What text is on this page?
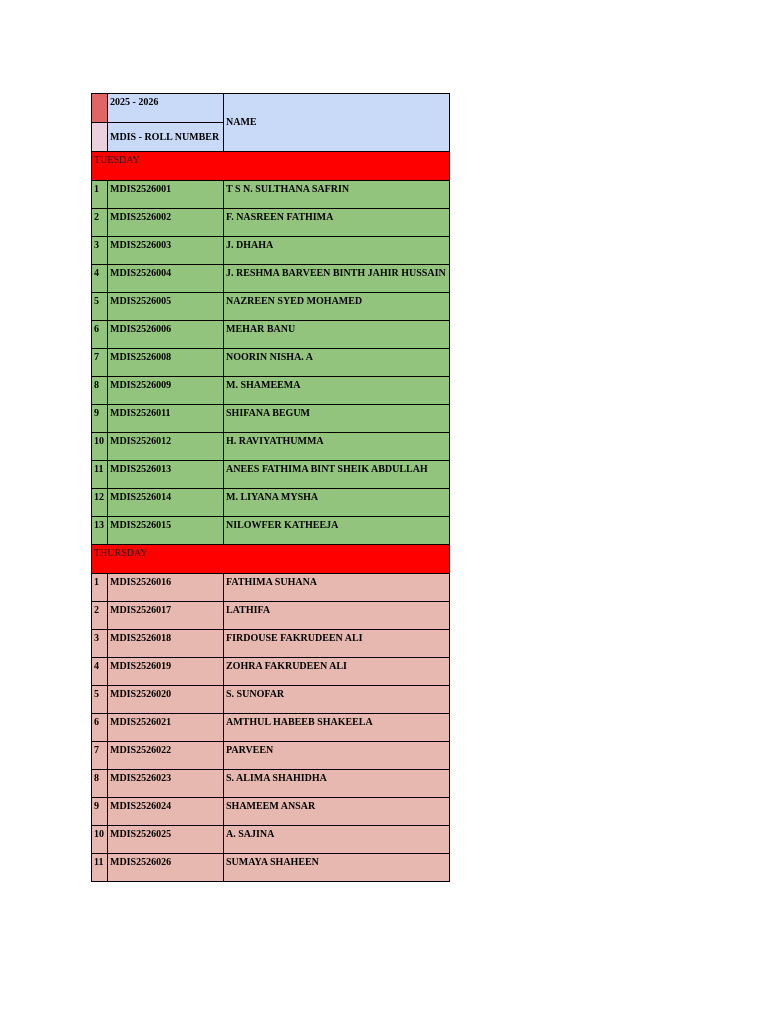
	2025 - 2026	NAME
	MDIS - ROLL NUMBER	
TUESDAY		
1	MDIS2526001	T S N. SULTHANA SAFRIN
2	MDIS2526002	F. NASREEN FATHIMA
3	MDIS2526003	J. DHAHA
4	MDIS2526004	J. RESHMA BARVEEN BINTH JAHIR HUSSAIN
5	MDIS2526005	NAZREEN SYED MOHAMED
6	MDIS2526006	MEHAR BANU
7	MDIS2526008	NOORIN NISHA. A
8	MDIS2526009	M. SHAMEEMA
9	MDIS2526011	SHIFANA BEGUM
10	MDIS2526012	H. RAVIYATHUMMA
11	MDIS2526013	ANEES FATHIMA BINT SHEIK ABDULLAH
12	MDIS2526014	M. LIYANA MYSHA
13	MDIS2526015	NILOWFER KATHEEJA
THURSDAY		
1	MDIS2526016	FATHIMA SUHANA
2	MDIS2526017	LATHIFA
3	MDIS2526018	FIRDOUSE FAKRUDEEN ALI
4	MDIS2526019	ZOHRA FAKRUDEEN ALI
5	MDIS2526020	S. SUNOFAR
6	MDIS2526021	AMTHUL HABEEB SHAKEELA
7	MDIS2526022	PARVEEN
8	MDIS2526023	S. ALIMA SHAHIDHA
9	MDIS2526024	SHAMEEM ANSAR
10	MDIS2526025	A. SAJINA
11	MDIS2526026	SUMAYA SHAHEEN
